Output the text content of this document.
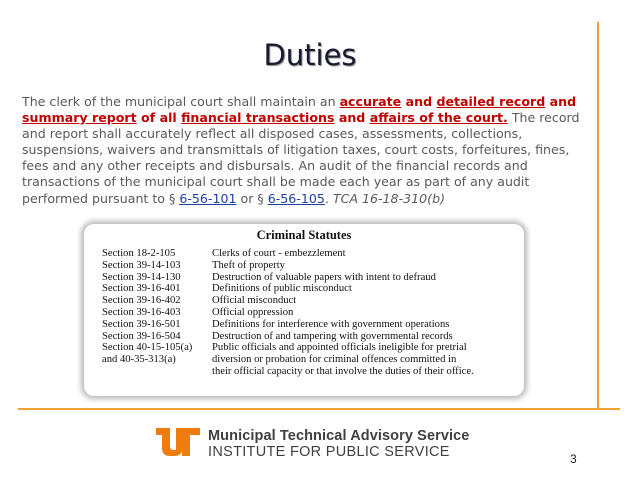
Duties
The clerk of the municipal court shall maintain an accurate and detailed record and summary report of all financial transactions and affairs of the court. The record and report shall accurately reflect all disposed cases, assessments, collections, suspensions, waivers and transmittals of litigation taxes, court costs, forfeitures, fines, fees and any other receipts and disbursals. An audit of the financial records and transactions of the municipal court shall be made each year as part of any audit performed pursuant to § 6-56-101 or § 6-56-105. TCA 16-18-310(b)
Criminal Statutes
Section 18-2-105	Clerks of court - embezzlement
Section 39-14-103	Theft of property
Section 39-14-130	Destruction of valuable papers with intent to defraud
Section 39-16-401	Definitions of public misconduct
Section 39-16-402	Official misconduct
Section 39-16-403	Official oppression
Section 39-16-501	Definitions for interference with government operations
Section 39-16-504	Destruction of and tampering with governmental records
Section 40-15-105(a)	Public officials and appointed officials ineligible for pretrial
and 40-35-313(a)	diversion or probation for criminal offences committed in
	their official capacity or that involve the duties of their office.
Municipal Technical Advisory Service
INSTITUTE FOR PUBLIC SERVICE	3
